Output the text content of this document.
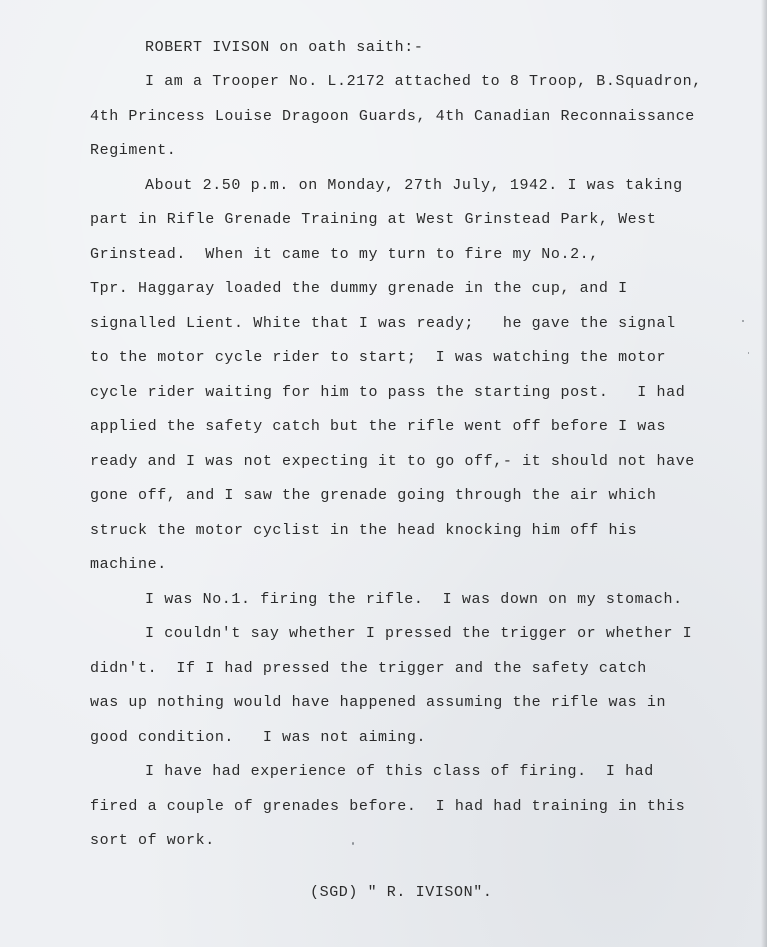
ROBERT IVISON on oath saith:-

I am a Trooper No. L.2172 attached to 8 Troop, B.Squadron,

4th Princess Louise Dragoon Guards, 4th Canadian Reconnaissance

Regiment.

About 2.50 p.m. on Monday, 27th July, 1942. I was taking

part in Rifle Grenade Training at West Grinstead Park, West

Grinstead.  When it came to my turn to fire my No.2.,

Tpr. Haggaray loaded the dummy grenade in the cup, and I

signalled Lient. White that I was ready;   he gave the signal

to the motor cycle rider to start;  I was watching the motor

cycle rider waiting for him to pass the starting post.   I had

applied the safety catch but the rifle went off before I was

ready and I was not expecting it to go off,- it should not have

gone off, and I saw the grenade going through the air which

struck the motor cyclist in the head knocking him off his

machine.

I was No.1. firing the rifle.  I was down on my stomach.

I couldn't say whether I pressed the trigger or whether I

didn't.  If I had pressed the trigger and the safety catch

was up nothing would have happened assuming the rifle was in

good condition.   I was not aiming.

I have had experience of this class of firing.  I had

fired a couple of grenades before.  I had had training in this

sort of work.

(SGD) " R. IVISON".
